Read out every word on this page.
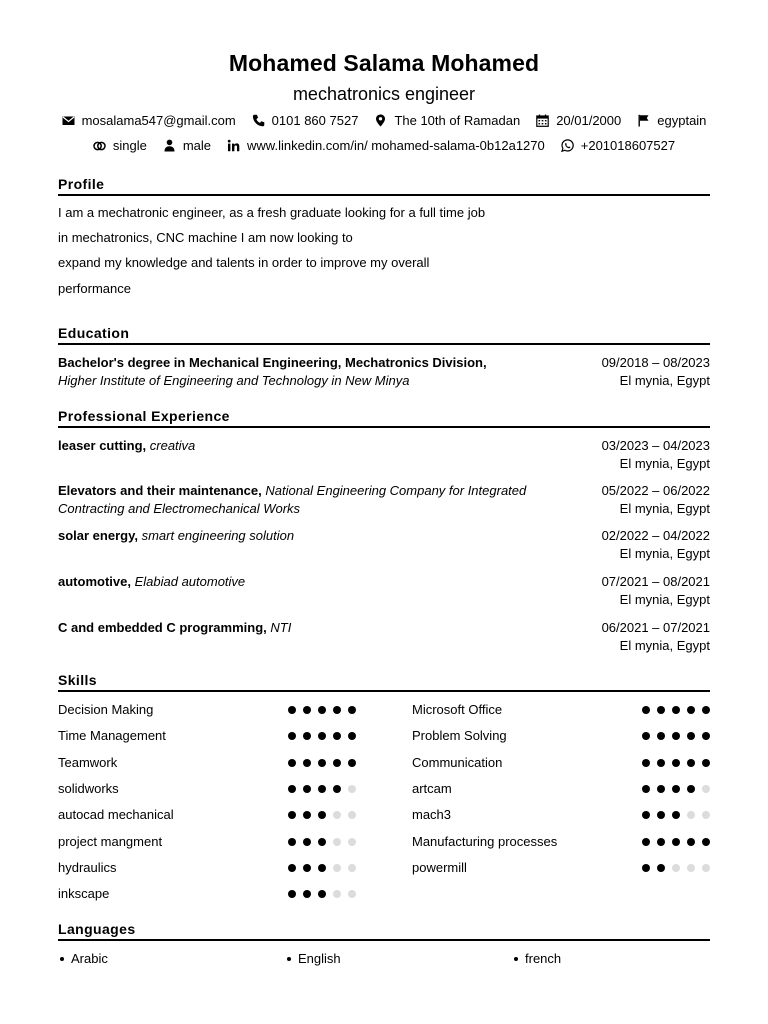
Mohamed Salama Mohamed
mechatronics engineer
mosalama547@gmail.com	0101 860 7527	The 10th of Ramadan	20/01/2000	egyptain
single	male	www.linkedin.com/in/ mohamed-salama-0b12a1270	+201018607527
Profile
I am a mechatronic engineer, as a fresh graduate looking for a full time job
in mechatronics, CNC machine I am now looking to
expand my knowledge and talents in order to improve my overall
performance
Education
Bachelor's degree in Mechanical Engineering, Mechatronics Division,
Higher Institute of Engineering and Technology in New Minya
09/2018 – 08/2023
El mynia, Egypt
Professional Experience
leaser cutting, creativa	03/2023 – 04/2023
El mynia, Egypt
Elevators and their maintenance, National Engineering Company for Integrated
Contracting and Electromechanical Works
05/2022 – 06/2022
El mynia, Egypt
solar energy, smart engineering solution	02/2022 – 04/2022
El mynia, Egypt
automotive, Elabiad automotive	07/2021 – 08/2021
El mynia, Egypt
C and embedded C programming, NTI	06/2021 – 07/2021
El mynia, Egypt
Skills
Decision Making	Microsoft Office
Time Management	Problem Solving
Teamwork	Communication
solidworks	artcam
autocad mechanical	mach3
project mangment	Manufacturing processes
hydraulics	powermill
inkscape
Languages
Arabic	English	french
